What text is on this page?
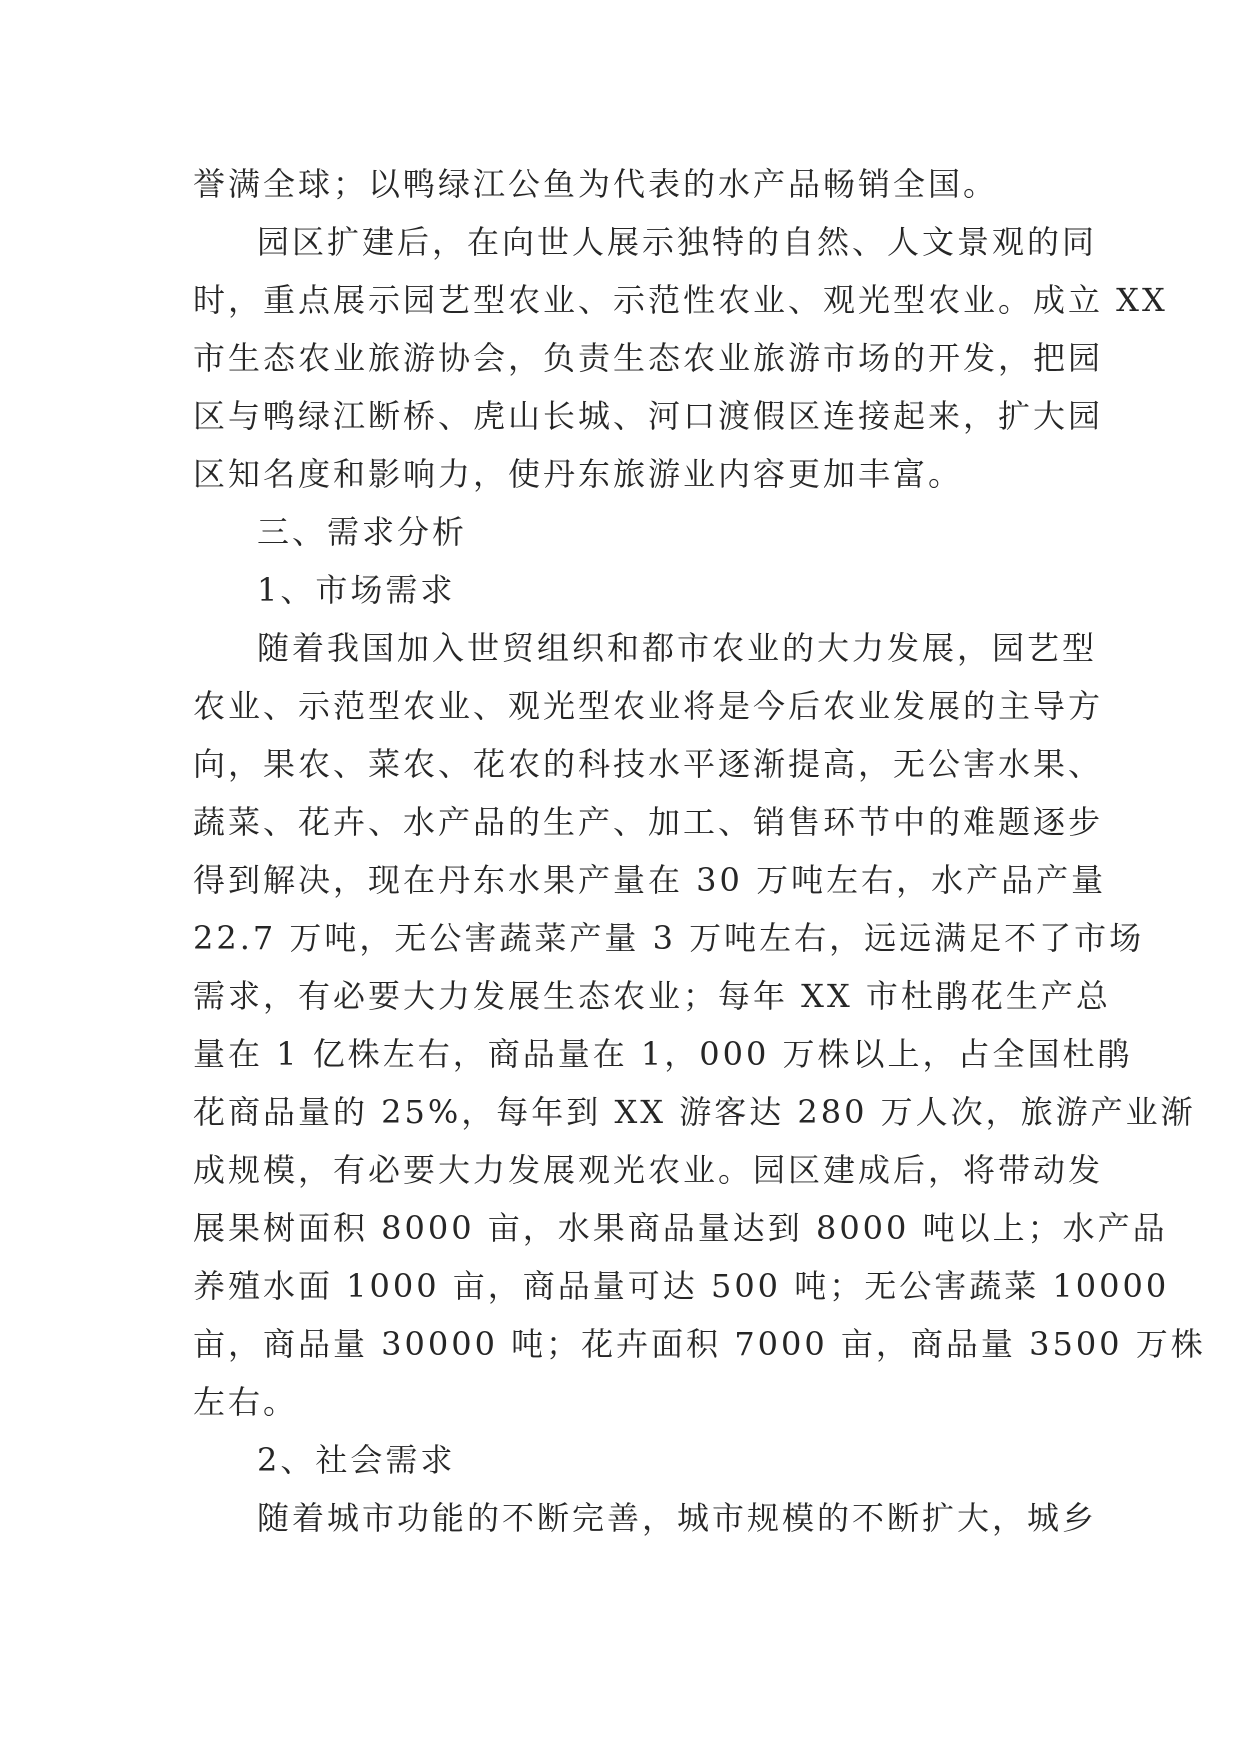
誉满全球；以鸭绿江公鱼为代表的水产品畅销全国。
园区扩建后，在向世人展示独特的自然、人文景观的同
时，重点展示园艺型农业、示范性农业、观光型农业。成立 XX
市生态农业旅游协会，负责生态农业旅游市场的开发，把园
区与鸭绿江断桥、虎山长城、河口渡假区连接起来，扩大园
区知名度和影响力，使丹东旅游业内容更加丰富。
三、需求分析
1、市场需求
随着我国加入世贸组织和都市农业的大力发展，园艺型
农业、示范型农业、观光型农业将是今后农业发展的主导方
向，果农、菜农、花农的科技水平逐渐提高，无公害水果、
蔬菜、花卉、水产品的生产、加工、销售环节中的难题逐步
得到解决，现在丹东水果产量在 30 万吨左右，水产品产量
22.7 万吨，无公害蔬菜产量 3 万吨左右，远远满足不了市场
需求，有必要大力发展生态农业；每年 XX 市杜鹃花生产总
量在 1 亿株左右，商品量在 1，000 万株以上，占全国杜鹃
花商品量的 25%，每年到 XX 游客达 280 万人次，旅游产业渐
成规模，有必要大力发展观光农业。园区建成后，将带动发
展果树面积 8000 亩，水果商品量达到 8000 吨以上；水产品
养殖水面 1000 亩，商品量可达 500 吨；无公害蔬菜 10000
亩，商品量 30000 吨；花卉面积 7000 亩，商品量 3500 万株
左右。
2、社会需求
随着城市功能的不断完善，城市规模的不断扩大，城乡
